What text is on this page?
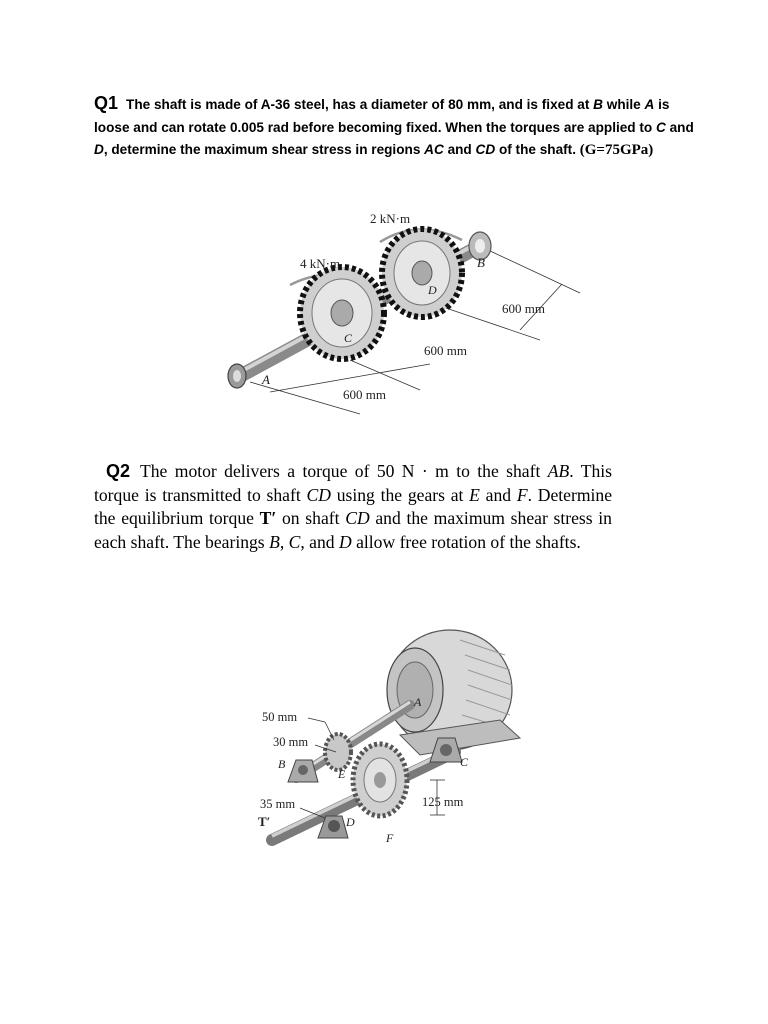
Q1 The shaft is made of A-36 steel, has a diameter of 80 mm, and is fixed at B while A is loose and can rotate 0.005 rad before becoming fixed. When the torques are applied to C and D, determine the maximum shear stress in regions AC and CD of the shaft. (G=75GPa)
2 kN·m
4 kN·m
A
B
C
D
600 mm
600 mm
600 mm
Q2 The motor delivers a torque of 50 N · m to the shaft AB. This torque is transmitted to shaft CD using the gears at E and F. Determine the equilibrium torque T′ on shaft CD and the maximum shear stress in each shaft. The bearings B, C, and D allow free rotation of the shafts.
50 mm
30 mm
35 mm	125 mm
A
B	C
D
E
F
T′
